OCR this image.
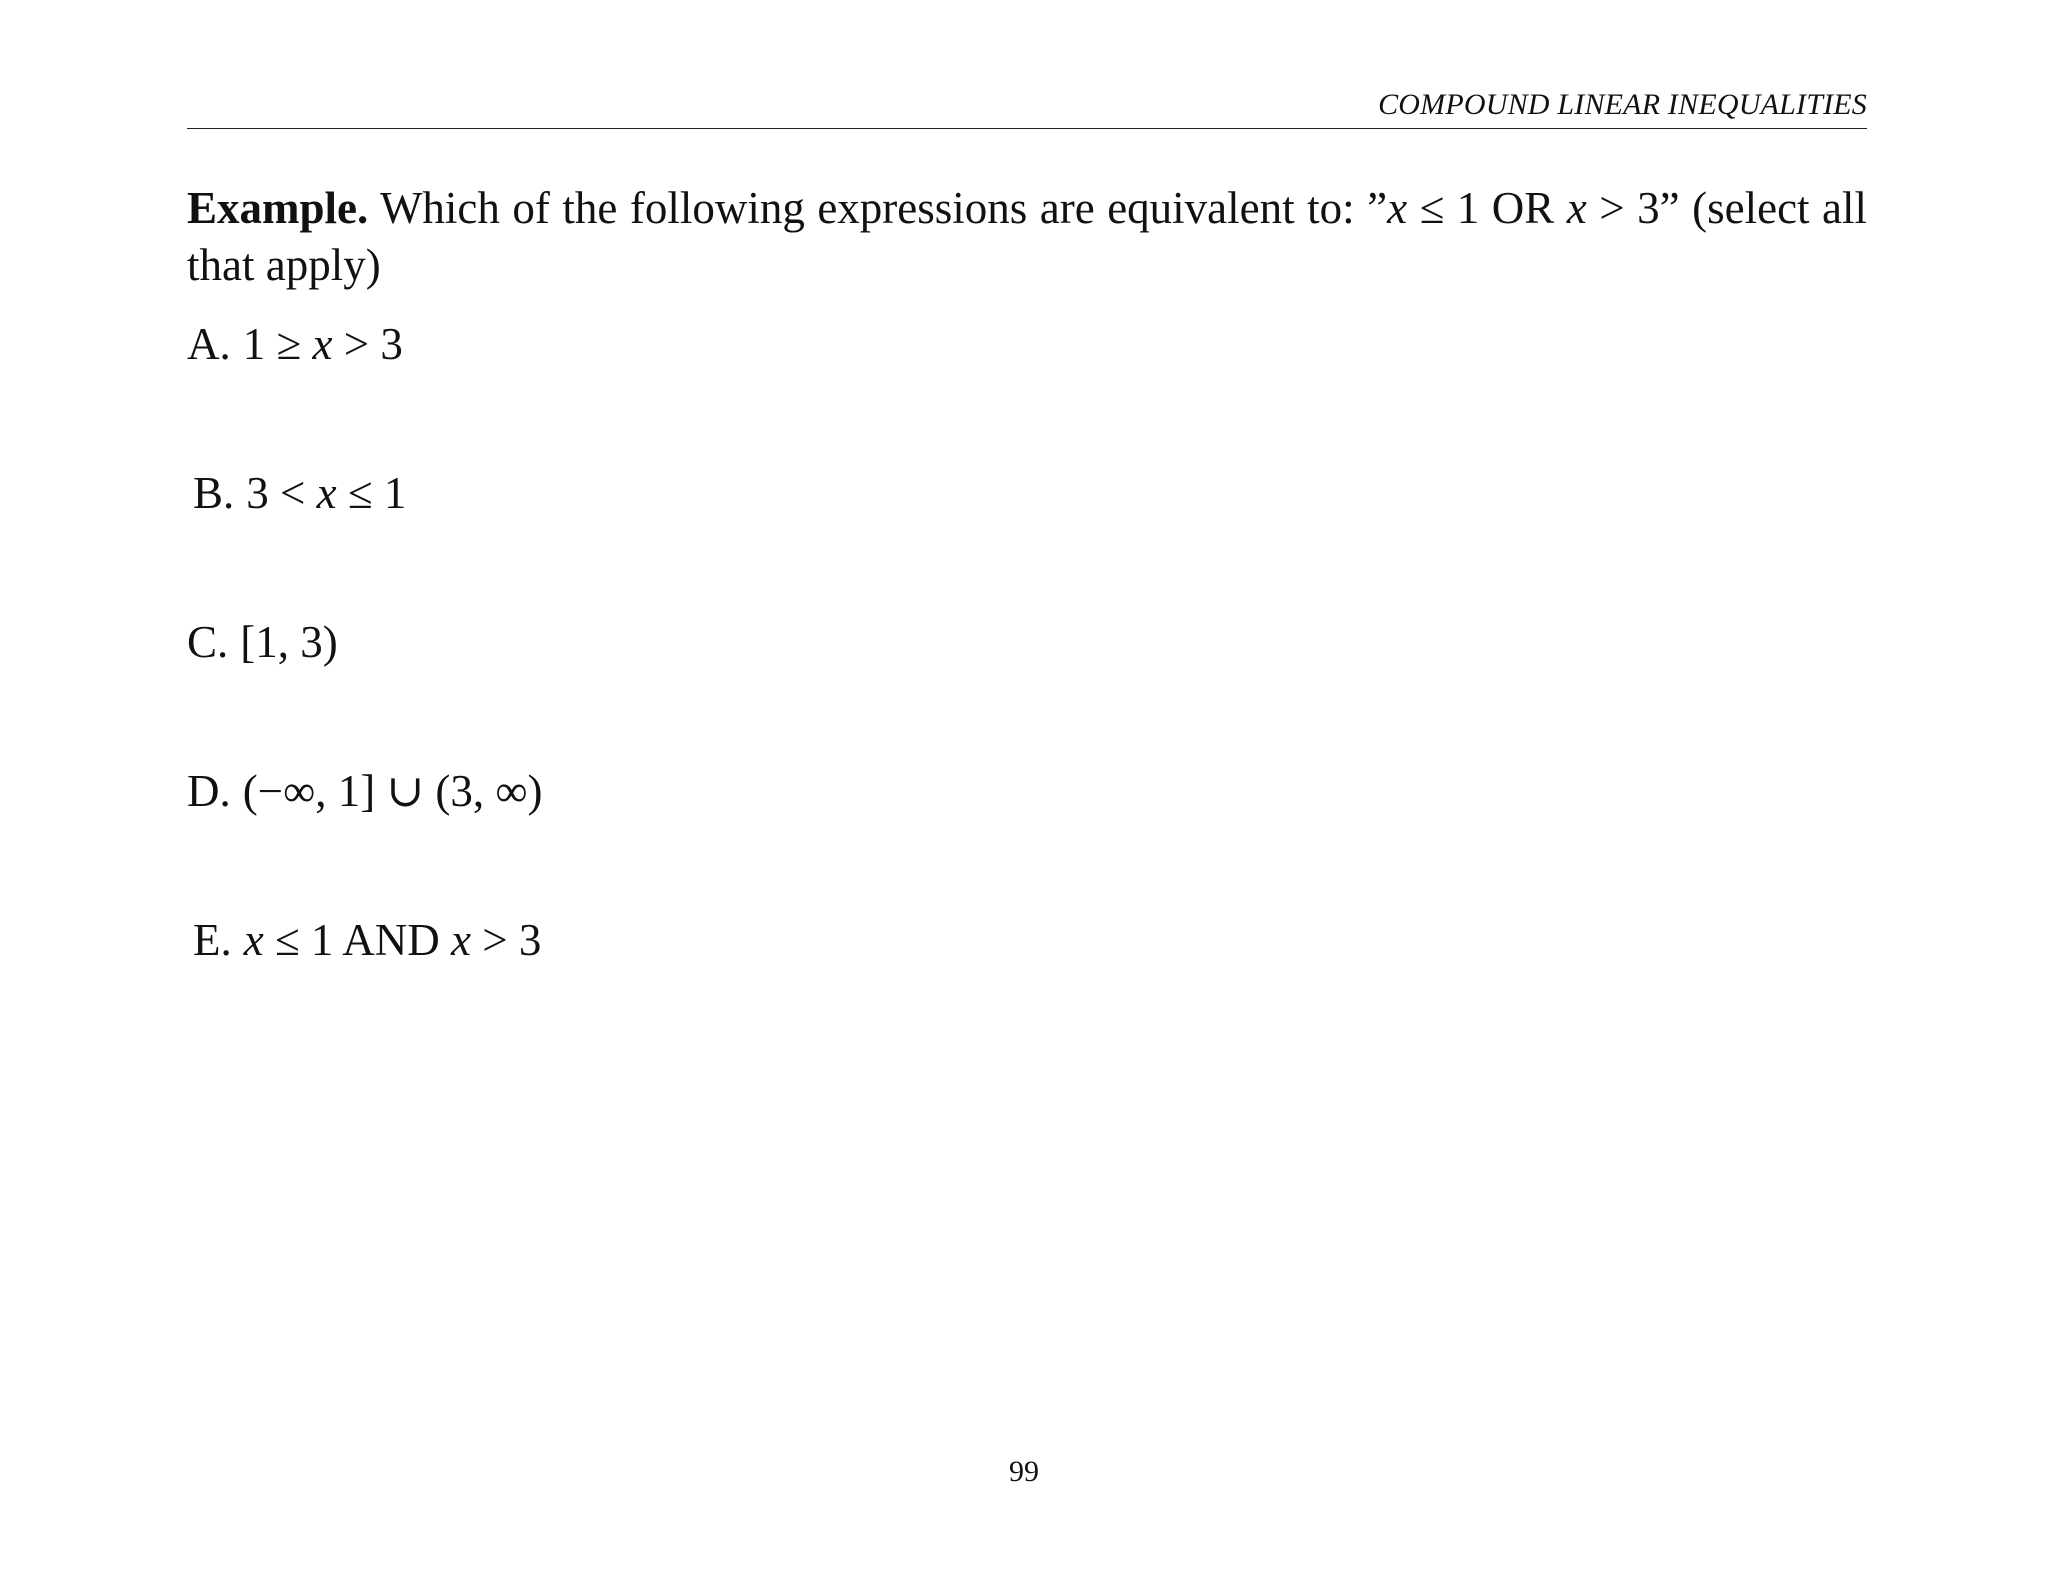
COMPOUND LINEAR INEQUALITIES
Example. Which of the following expressions are equivalent to: ”x ≤ 1 OR x > 3” (select all that apply)
A. 1 ≥ x > 3
B. 3 < x ≤ 1
C. [1, 3)
D. (−∞, 1] ∪ (3, ∞)
E. x ≤ 1 AND x > 3
99
